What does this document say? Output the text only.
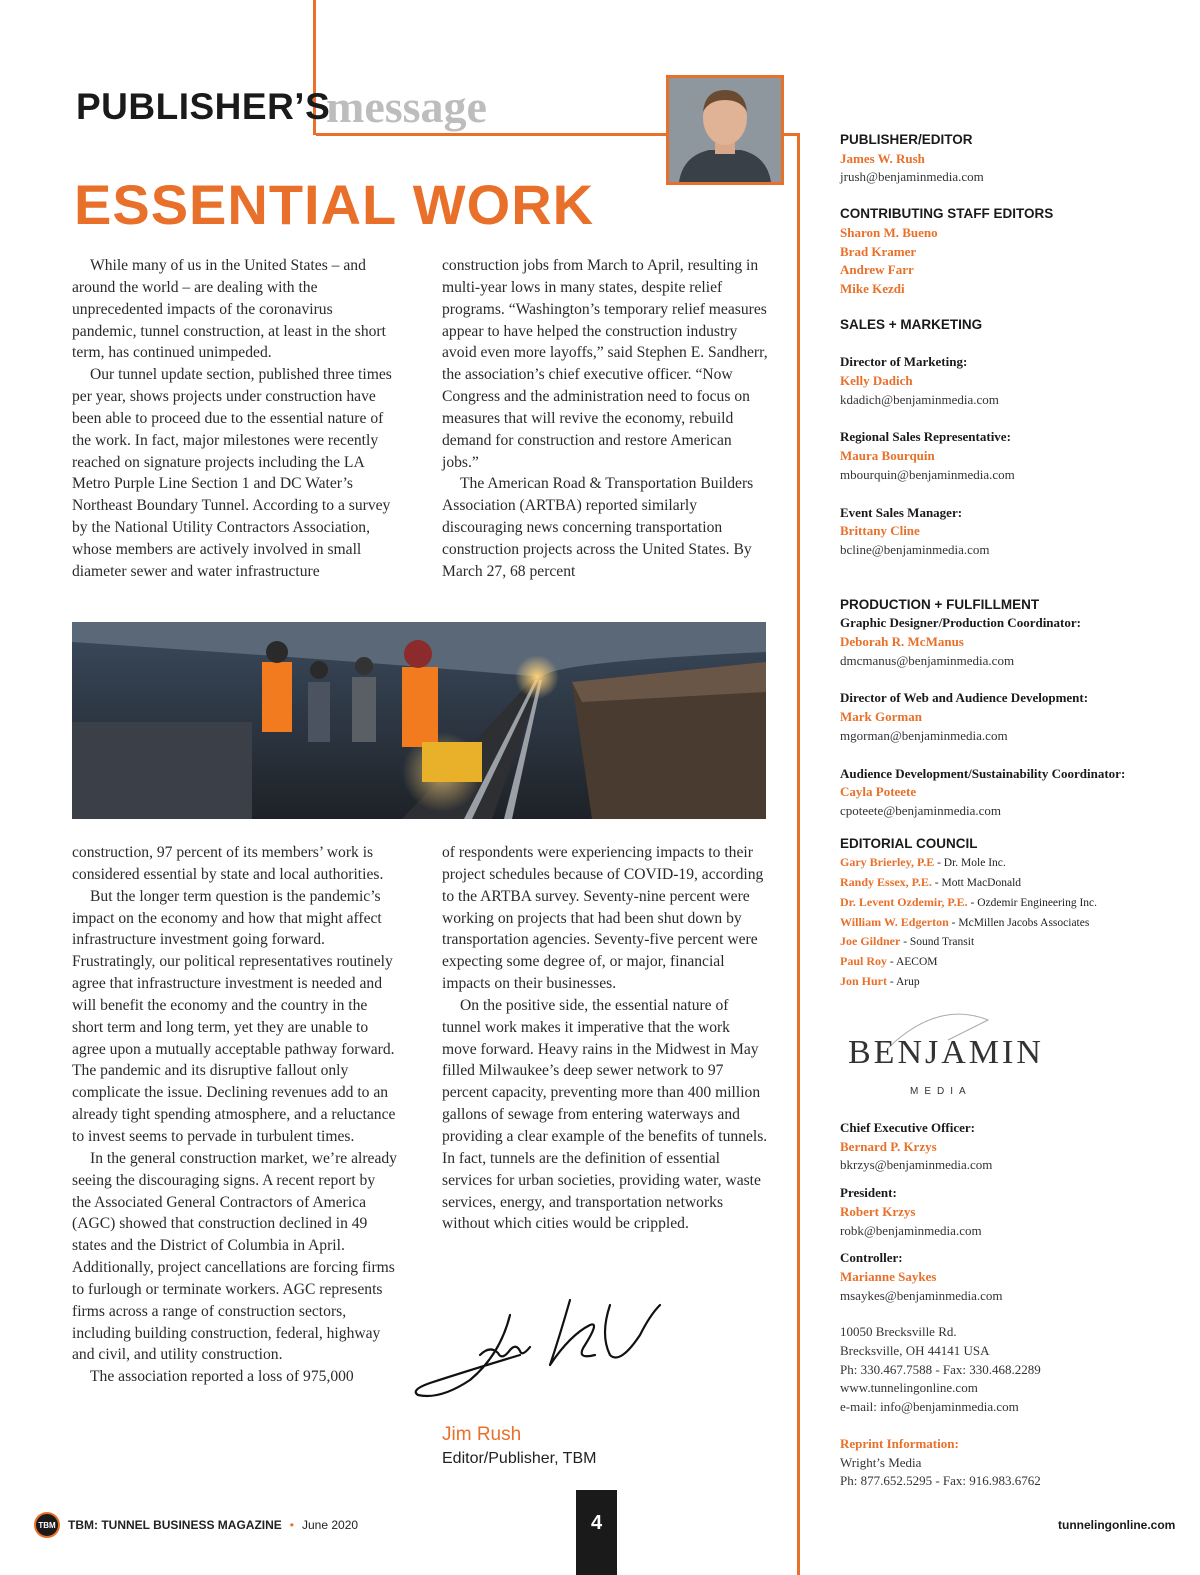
PUBLISHER’S
message
ESSENTIAL WORK

While many of us in the United States – and around the world – are dealing with the unprecedented impacts of the coronavirus pandemic, tunnel construction, at least in the short term, has continued unimpeded.

Our tunnel update section, published three times per year, shows projects under construction have been able to proceed due to the essential nature of the work. In fact, major milestones were recently reached on signature projects including the LA Metro Purple Line Section 1 and DC Water’s Northeast Boundary Tunnel. According to a survey by the National Utility Contractors Association, whose members are actively involved in small diameter sewer and water infrastructure

construction jobs from March to April, resulting in multi-year lows in many states, despite relief programs. “Washington’s temporary relief measures appear to have helped the construction industry avoid even more layoffs,” said Stephen E. Sandherr, the association’s chief executive officer. “Now Congress and the administration need to focus on measures that will revive the economy, rebuild demand for construction and restore American jobs.”

The American Road & Transportation Builders Association (ARTBA) reported similarly discouraging news concerning transportation construction projects across the United States. By March 27, 68 percent

construction, 97 percent of its members’ work is considered essential by state and local authorities.

But the longer term question is the pandemic’s impact on the economy and how that might affect infrastructure investment going forward. Frustratingly, our political representatives routinely agree that infrastructure investment is needed and will benefit the economy and the country in the short term and long term, yet they are unable to agree upon a mutually acceptable pathway forward. The pandemic and its disruptive fallout only complicate the issue. Declining revenues add to an already tight spending atmosphere, and a reluctance to invest seems to pervade in turbulent times.

In the general construction market, we’re already seeing the discouraging signs. A recent report by the Associated General Contractors of America (AGC) showed that construction declined in 49 states and the District of Columbia in April. Additionally, project cancellations are forcing firms to furlough or terminate workers. AGC represents firms across a range of construction sectors, including building construction, federal, highway and civil, and utility construction.

The association reported a loss of 975,000

of respondents were experiencing impacts to their project schedules because of COVID-19, according to the ARTBA survey. Seventy-nine percent were working on projects that had been shut down by transportation agencies. Seventy-five percent were expecting some degree of, or major, financial impacts on their businesses.

On the positive side, the essential nature of tunnel work makes it imperative that the work move forward. Heavy rains in the Midwest in May filled Milwaukee’s deep sewer network to 97 percent capacity, preventing more than 400 million gallons of sewage from entering waterways and providing a clear example of the benefits of tunnels. In fact, tunnels are the definition of essential services for urban societies, providing water, waste services, energy, and transportation networks without which cities would be crippled.

Jim Rush
Editor/Publisher, TBM
PUBLISHER/EDITOR
James W. Rush
jrush@benjaminmedia.com
CONTRIBUTING STAFF EDITORS
Sharon M. Bueno
Brad Kramer
Andrew Farr
Mike Kezdi
SALES + MARKETING
Director of Marketing:
Kelly Dadich
kdadich@benjaminmedia.com
Regional Sales Representative:
Maura Bourquin
mbourquin@benjaminmedia.com
Event Sales Manager:
Brittany Cline
bcline@benjaminmedia.com
PRODUCTION + FULFILLMENT
Graphic Designer/Production Coordinator:
Deborah R. McManus
dmcmanus@benjaminmedia.com
Director of Web and Audience Development:
Mark Gorman
mgorman@benjaminmedia.com
Audience Development/Sustainability Coordinator:
Cayla Poteete
cpoteete@benjaminmedia.com
EDITORIAL COUNCIL
Gary Brierley, P.E - Dr. Mole Inc.
Randy Essex, P.E. - Mott MacDonald
Dr. Levent Ozdemir, P.E. - Ozdemir Engineering Inc.
William W. Edgerton - McMillen Jacobs Associates
Joe Gildner - Sound Transit
Paul Roy - AECOM
Jon Hurt - Arup
BENJAMIN
MEDIA
Chief Executive Officer:
Bernard P. Krzys
bkrzys@benjaminmedia.com
President:
Robert Krzys
robk@benjaminmedia.com
Controller:
Marianne Saykes
msaykes@benjaminmedia.com
10050 Brecksville Rd.
Brecksville, OH 44141 USA
Ph: 330.467.7588 - Fax: 330.468.2289
www.tunnelingonline.com
e-mail: info@benjaminmedia.com
Reprint Information:
Wright’s Media
Ph: 877.652.5295 - Fax: 916.983.6762
TBM	TBM: TUNNEL BUSINESS MAGAZINE • June 2020	4	tunnelingonline.com
